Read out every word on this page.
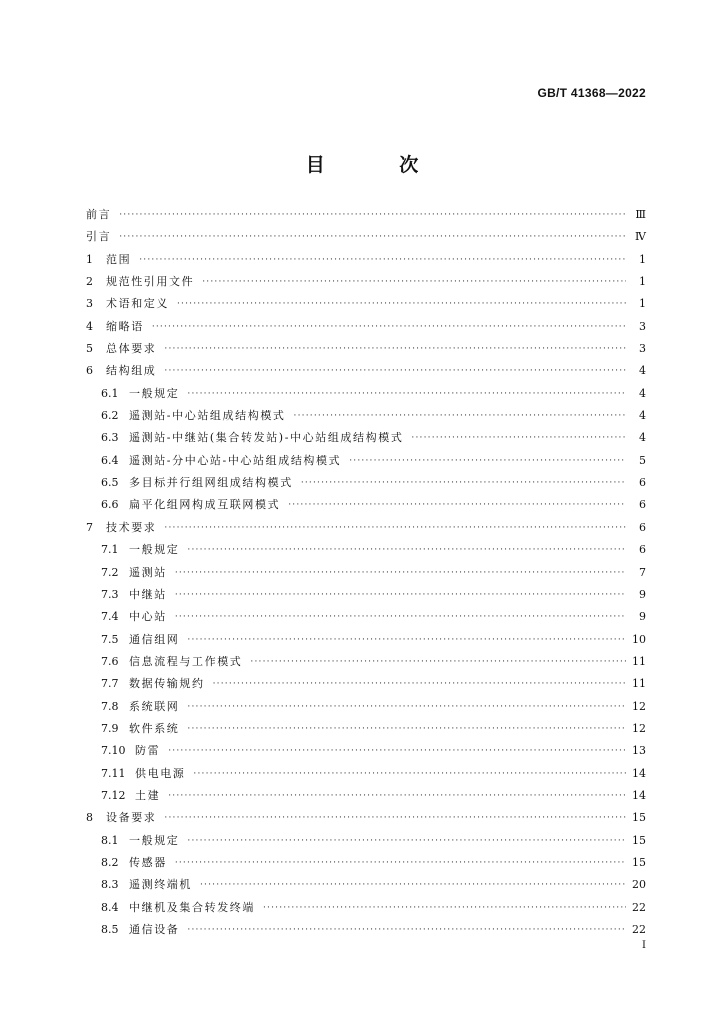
GB/T 41368—2022
目 次
前言 ·····	Ⅲ
引言 ·····	Ⅳ
1	范围 ·····	1
2	规范性引用文件 ·····	1
3	术语和定义 ·····	1
4	缩略语 ·····	3
5	总体要求 ·····	3
6	结构组成 ·····	4
6.1 一般规定 ·····	4
6.2 遥测站-中心站组成结构模式 ·····	4
6.3 遥测站-中继站(集合转发站)-中心站组成结构模式 ·····	4
6.4 遥测站-分中心站-中心站组成结构模式 ·····	5
6.5 多目标并行组网组成结构模式 ·····	6
6.6 扁平化组网构成互联网模式 ·····	6
7	技术要求 ·····	6
7.1 一般规定 ·····	6
7.2 遥测站 ·····	7
7.3 中继站 ·····	9
7.4 中心站 ·····	9
7.5 通信组网 ·····	10
7.6 信息流程与工作模式 ·····	11
7.7 数据传输规约 ·····	11
7.8 系统联网 ·····	12
7.9 软件系统 ·····	12
7.10 防雷 ·····	13
7.11 供电电源 ·····	14
7.12 土建 ·····	14
8	设备要求 ·····	15
8.1 一般规定 ·····	15
8.2 传感器 ·····	15
8.3 遥测终端机 ·····	20
8.4 中继机及集合转发终端 ·····	22
8.5 通信设备 ·····	22
I
